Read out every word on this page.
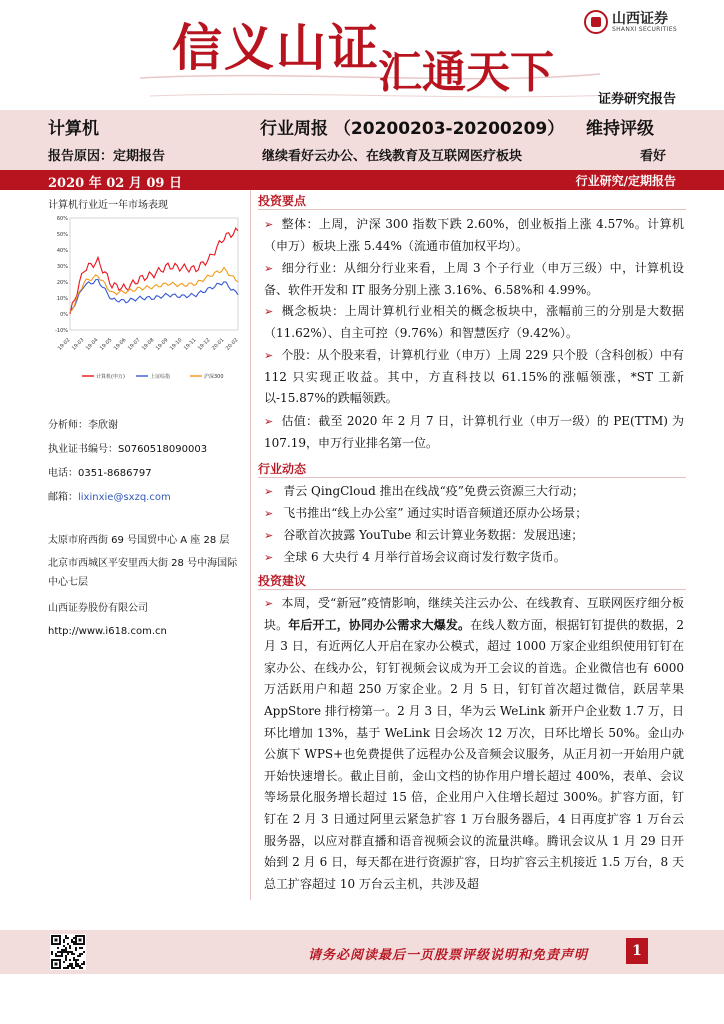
信义山证
汇通天下
山西证券
SHANXI SECURITIES
证券研究报告
计算机	行业周报 （20200203-20200209） 维持评级
报告原因：定期报告	继续看好云办公、在线教育及互联网医疗板块	看好
2020 年 02 月 09 日	行业研究/定期报告
计算机行业近一年市场表现
60%
50%
40%
30%
20%
10%
0%
-10%
19-02 19-03 19-04 19-05 19-06 19-07 19-08 19-09 19-10 19-11 19-12 20-01 20-02
计算机(申万)	上证综指	沪深300
分析师：李欣谢
执业证书编号：S0760518090003
电话：0351-8686797
邮箱：lixinxie@sxzq.com
太原市府西街 69 号国贸中心 A 座 28 层
北京市西城区平安里西大街 28 号中海国际中心七层
山西证券股份有限公司
http://www.i618.com.cn
投资要点
➢ 整体：上周，沪深 300 指数下跌 2.60%，创业板指上涨 4.57%。计算机（申万）板块上涨 5.44%（流通市值加权平均）。
➢ 细分行业：从细分行业来看，上周 3 个子行业（申万三级）中，计算机设备、软件开发和 IT 服务分别上涨 3.16%、6.58%和 4.99%。
➢ 概念板块：上周计算机行业相关的概念板块中，涨幅前三的分别是大数据（11.62%）、自主可控（9.76%）和智慧医疗（9.42%）。
➢ 个股：从个股来看，计算机行业（申万）上周 229 只个股（含科创板）中有 112 只实现正收益。其中，方直科技以 61.15%的涨幅领涨，*ST 工新以-15.87%的跌幅领跌。
➢ 估值：截至 2020 年 2 月 7 日，计算机行业（申万一级）的 PE(TTM) 为 107.19，申万行业排名第一位。
行业动态
➢ 青云 QingCloud 推出在线战“疫”免费云资源三大行动；
➢ 飞书推出“线上办公室” 通过实时语音频道还原办公场景；
➢ 谷歌首次披露 YouTube 和云计算业务数据：发展迅速；
➢ 全球 6 大央行 4 月举行首场会议商讨发行数字货币。
投资建议
➢ 本周，受“新冠”疫情影响，继续关注云办公、在线教育、互联网医疗细分板块。年后开工，协同办公需求大爆发。在线人数方面，根据钉钉提供的数据，2 月 3 日，有近两亿人开启在家办公模式，超过 1000 万家企业组织使用钉钉在家办公、在线办公，钉钉视频会议成为开工会议的首选。企业微信也有 6000 万活跃用户和超 250 万家企业。2 月 5 日，钉钉首次超过微信，跃居苹果 AppStore 排行榜第一。2 月 3 日，华为云 WeLink 新开户企业数 1.7 万，日环比增加 13%，基于 WeLink 日会场次 12 万次，日环比增长 50%。金山办公旗下 WPS+也免费提供了远程办公及音频会议服务，从正月初一开始用户就开始快速增长。截止目前，金山文档的协作用户增长超过 400%，表单、会议等场景化服务增长超过 15 倍，企业用户入住增长超过 300%。扩容方面，钉钉在 2 月 3 日通过阿里云紧急扩容 1 万台服务器后，4 日再度扩容 1 万台云服务器，以应对群直播和语音视频会议的流量洪峰。腾讯会议从 1 月 29 日开始到 2 月 6 日，每天都在进行资源扩容，日均扩容云主机接近 1.5 万台，8 天总工扩容超过 10 万台云主机，共涉及超
请务必阅读最后一页股票评级说明和免责声明	1
